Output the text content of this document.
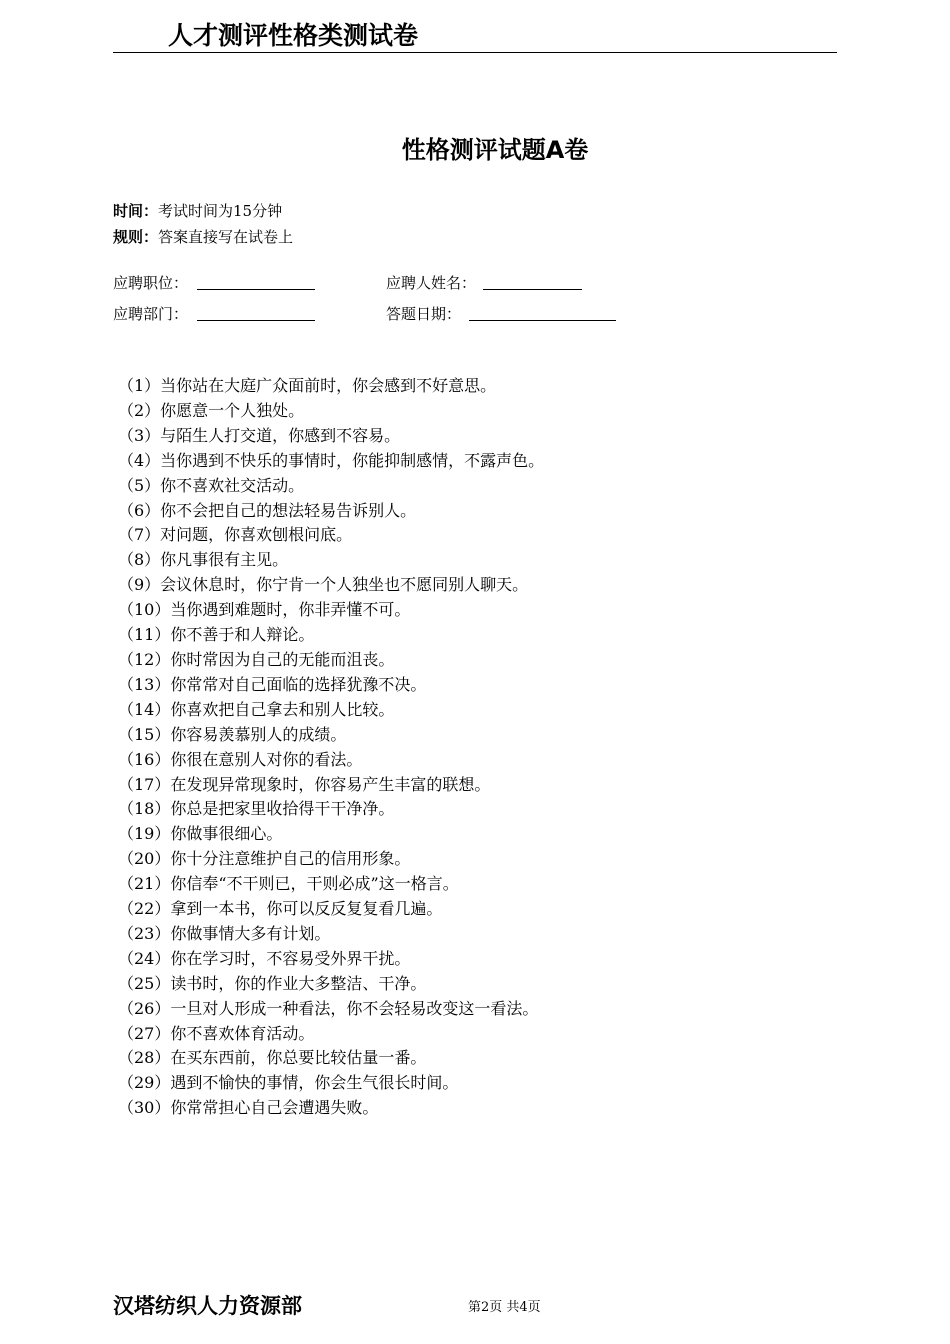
人才测评性格类测试卷
性格测评试题A卷
时间：考试时间为15分钟
规则：答案直接写在试卷上
应聘职位：	应聘人姓名：
应聘部门：	答题日期：
（1）当你站在大庭广众面前时，你会感到不好意思。
（2）你愿意一个人独处。
（3）与陌生人打交道，你感到不容易。
（4）当你遇到不快乐的事情时，你能抑制感情，不露声色。
（5）你不喜欢社交活动。
（6）你不会把自己的想法轻易告诉别人。
（7）对问题，你喜欢刨根问底。
（8）你凡事很有主见。
（9）会议休息时，你宁肯一个人独坐也不愿同别人聊天。
（10）当你遇到难题时，你非弄懂不可。
（11）你不善于和人辩论。
（12）你时常因为自己的无能而沮丧。
（13）你常常对自己面临的选择犹豫不决。
（14）你喜欢把自己拿去和别人比较。
（15）你容易羡慕别人的成绩。
（16）你很在意别人对你的看法。
（17）在发现异常现象时，你容易产生丰富的联想。
（18）你总是把家里收拾得干干净净。
（19）你做事很细心。
（20）你十分注意维护自己的信用形象。
（21）你信奉“不干则已，干则必成”这一格言。
（22）拿到一本书，你可以反反复复看几遍。
（23）你做事情大多有计划。
（24）你在学习时，不容易受外界干扰。
（25）读书时，你的作业大多整洁、干净。
（26）一旦对人形成一种看法，你不会轻易改变这一看法。
（27）你不喜欢体育活动。
（28）在买东西前，你总要比较估量一番。
（29）遇到不愉快的事情，你会生气很长时间。
（30）你常常担心自己会遭遇失败。
汉塔纺织人力资源部	第2页 共4页
